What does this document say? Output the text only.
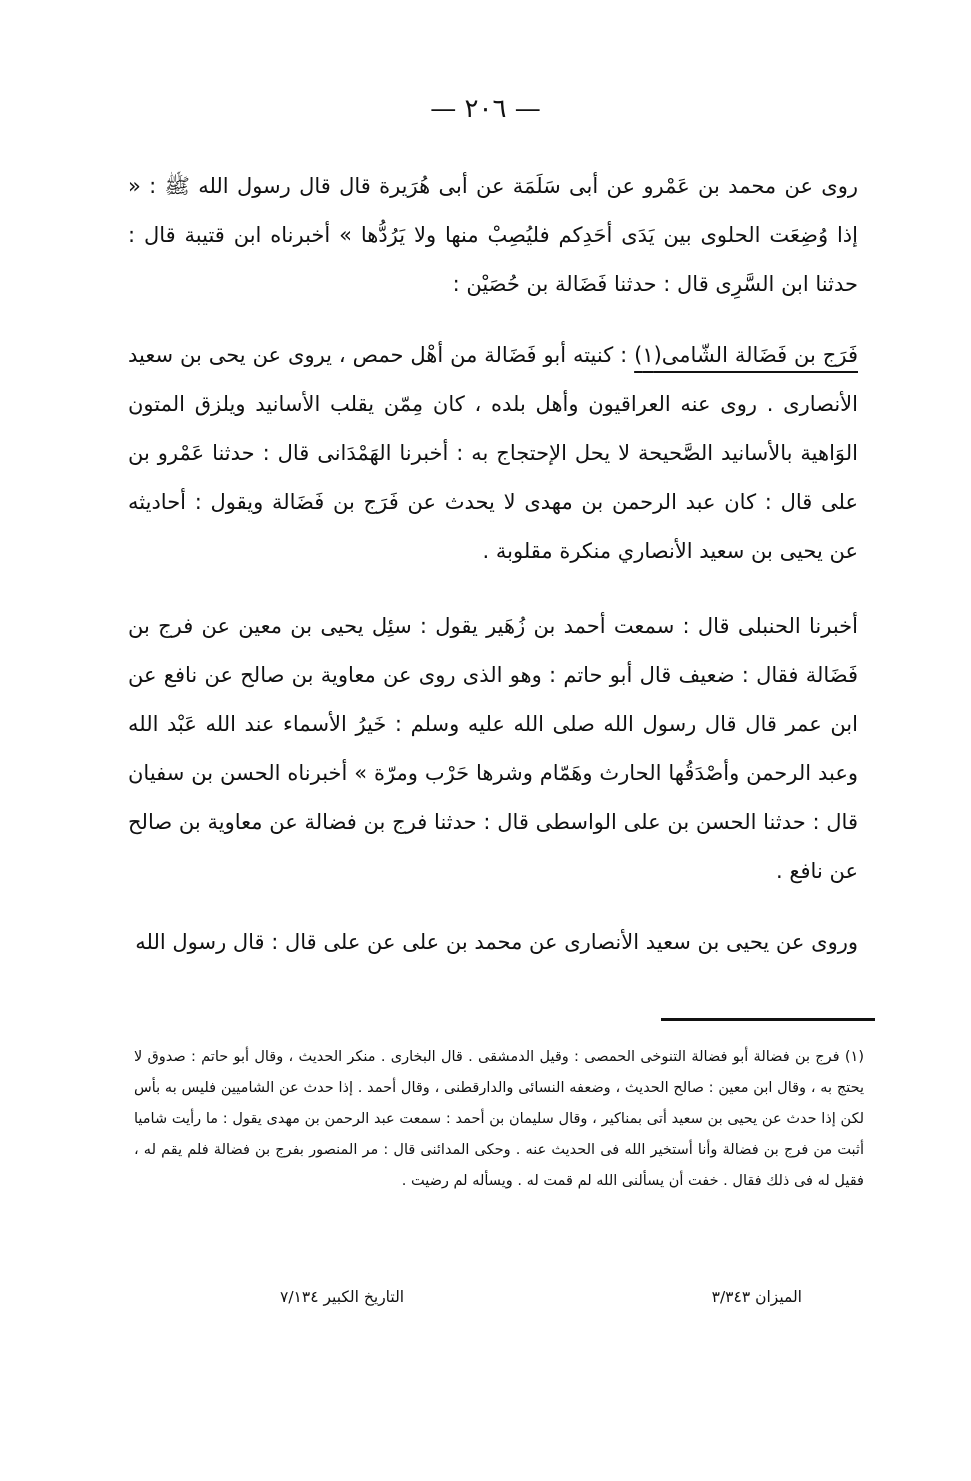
— ٢٠٦ —

روى عن محمد بن عَمْرو عن أبى سَلَمَة عن أبى هُرَيرة قال قال رسول الله ﷺ : « إذا وُضِعَت الحلوى بين يَدَى أحَدِكم فليُصِبْ منها ولا يَرُدُّها » أخبرناه ابن قتيبة قال : حدثنا ابن السَّرِى قال : حدثنا فَضَالة بن حُصَيْن :

فَرَج بن فَضَالة الشّامى(١) : كنيته أبو فَضَالة من أهْل حمص ، يروى عن يحى بن سعيد الأنصارى . روى عنه العراقيون وأهل بلده ، كان مِمّن يقلب الأسانيد ويلزق المتون الوَاهية بالأسانيد الصَّحيحة لا يحل الإحتجاج به : أخبرنا الهَمْدَانى قال : حدثنا عَمْرو بن على قال : كان عبد الرحمن بن مهدى لا يحدث عن فَرَج بن فَضَالة ويقول : أحاديثه عن يحيى بن سعيد الأنصاري منكرة مقلوبة .

أخبرنا الحنبلى قال : سمعت أحمد بن زُهَير يقول : سئِل يحيى بن معين عن فرج بن فَضَالة فقال : ضعيف قال أبو حاتم : وهو الذى روى عن معاوية بن صالح عن نافع عن ابن عمر قال قال رسول الله صلى الله عليه وسلم : خَيرُ الأسماء عند الله عَبْد الله وعبد الرحمن وأصْدَقُها الحارث وهَمّام وشرها حَرْب ومرّة » أخبرناه الحسن بن سفيان قال : حدثنا الحسن بن على الواسطى قال : حدثنا فرج بن فضالة عن معاوية بن صالح عن نافع .

وروى عن يحيى بن سعيد الأنصارى عن محمد بن على عن على قال : قال رسول الله

(١) فرج بن فضالة أبو فضالة التنوخى الحمصى : وقيل الدمشقى . قال البخارى . منكر الحديث ، وقال أبو حاتم : صدوق لا يحتج به ، وقال ابن معين : صالح الحديث ، وضعفه النسائى والدارقطنى ، وقال أحمد . إذا حدث عن الشاميين فليس به بأس لكن إذا حدث عن يحيى بن سعيد أتى بمناكير ، وقال سليمان بن أحمد : سمعت عبد الرحمن بن مهدى يقول : ما رأيت شاميا أثبت من فرج بن فضالة وأنا أستخير الله فى الحديث عنه . وحكى المدائنى قال : مر المنصور بفرج بن فضالة فلم يقم له ، فقيل له فى ذلك فقال . خفت أن يسألنى الله لم قمت له . ويسأله لم رضيت .

الميزان ٣/٣٤٣
التاريخ الكبير ٧/١٣٤
